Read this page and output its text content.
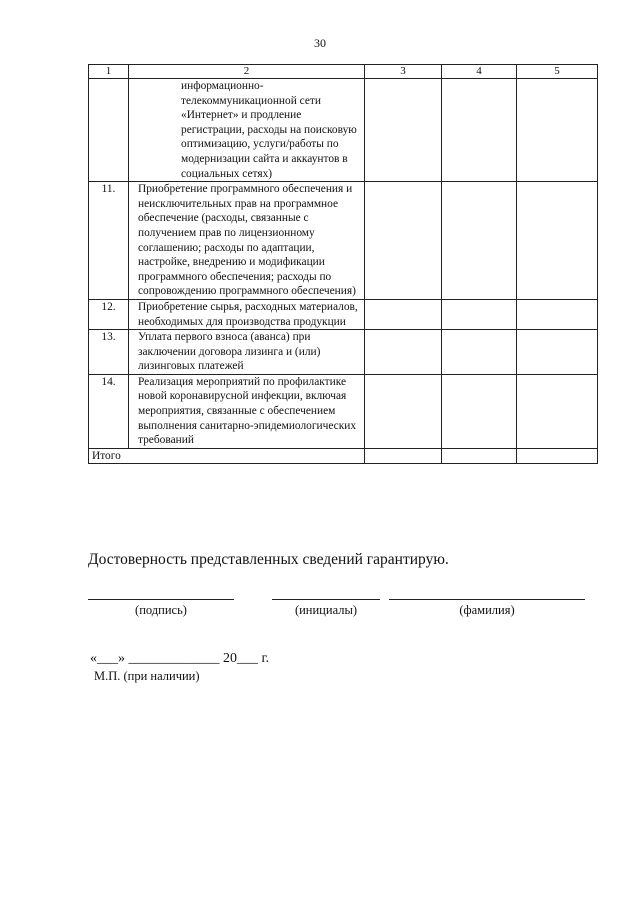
30
1	2	3	4	5
	информационно-телекоммуникационной сети «Интернет» и продление регистрации, расходы на поисковую оптимизацию, услуги/работы по модернизации сайта и аккаунтов в социальных сетях)			
11.	Приобретение программного обеспечения и неисключительных прав на программное обеспечение (расходы, связанные с получением прав по лицензионному соглашению; расходы по адаптации, настройке, внедрению и модификации программного обеспечения; расходы по сопровождению программного обеспечения)			
12.	Приобретение сырья, расходных материалов, необходимых для производства продукции			
13.	Уплата первого взноса (аванса) при заключении договора лизинга и (или) лизинговых платежей			
14.	Реализация мероприятий по профилактике новой коронавирусной инфекции, включая мероприятия, связанные с обеспечением выполнения санитарно-эпидемиологических требований			
Итого				
Достоверность представленных сведений гарантирую.
(подпись)	(инициалы)	(фамилия)
«___» _____________ 20___ г.
М.П. (при наличии)
